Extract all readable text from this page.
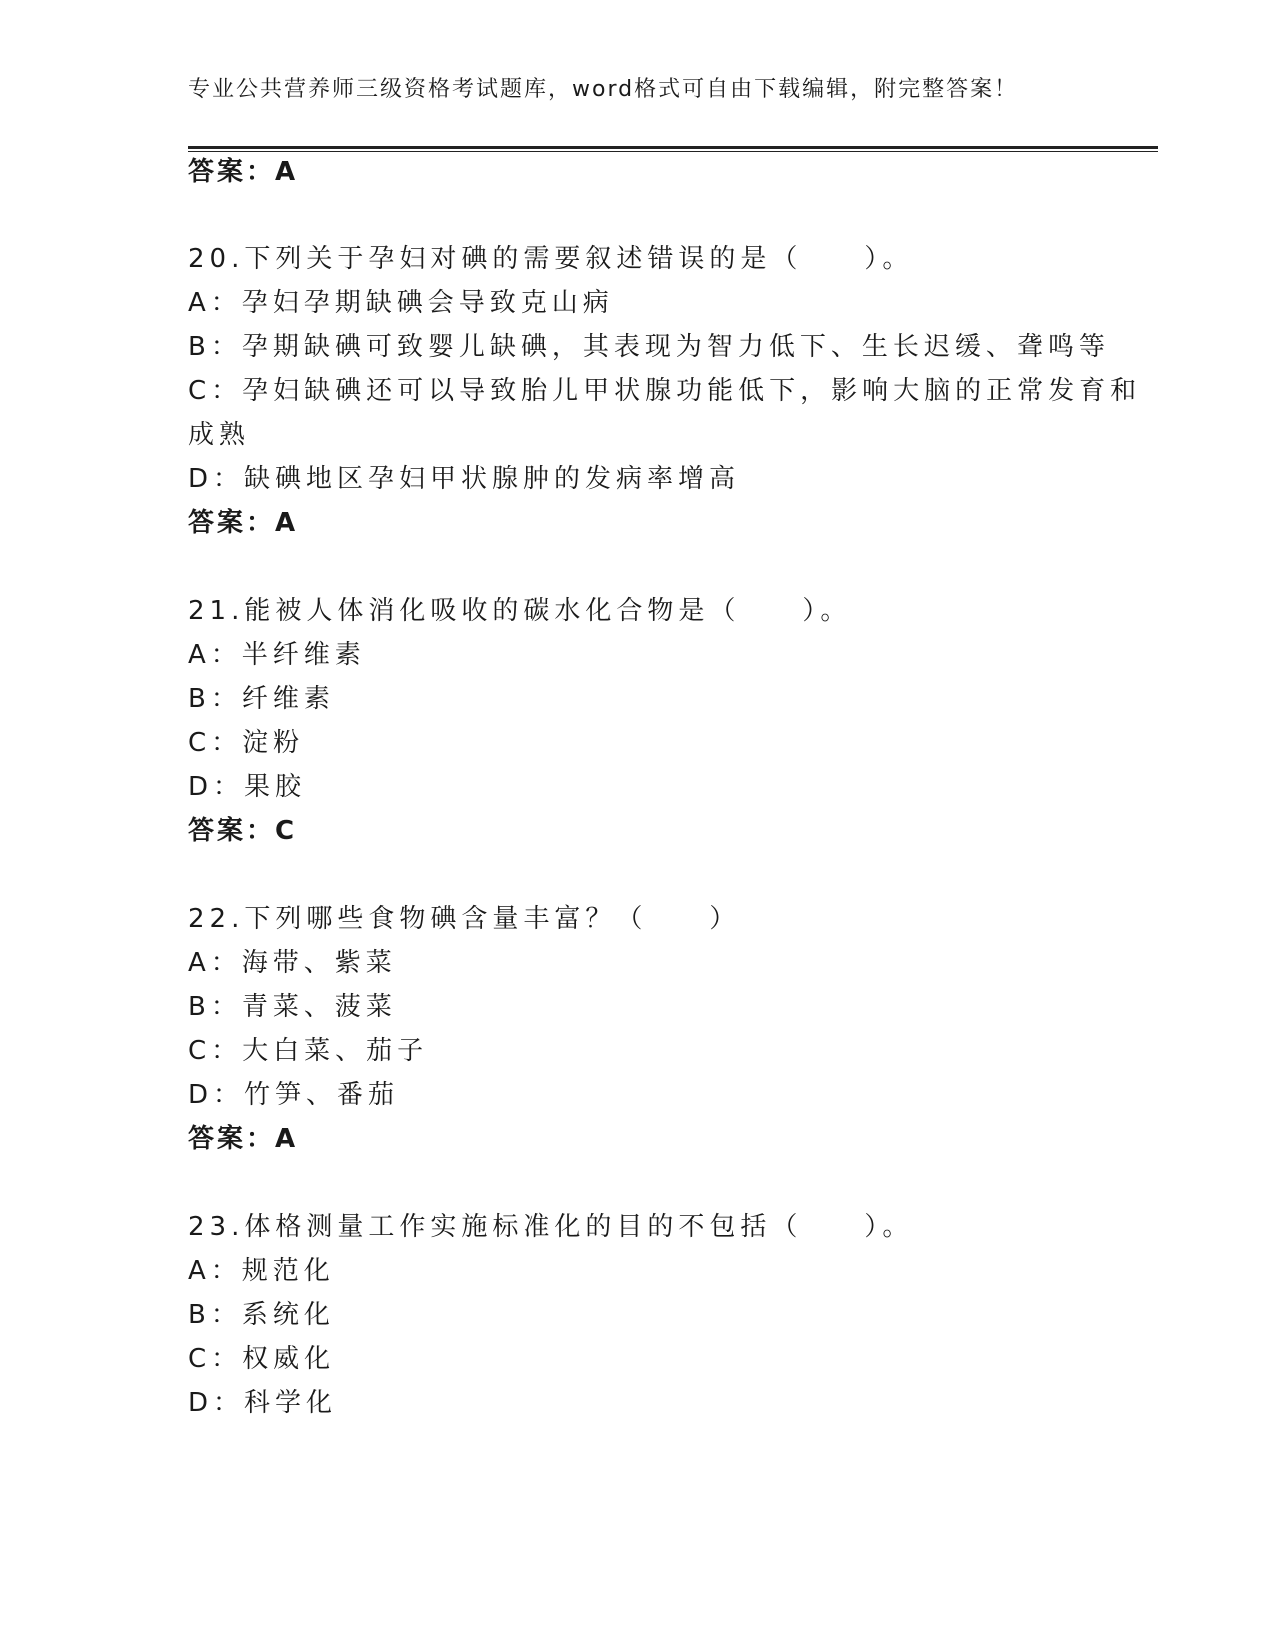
专业公共营养师三级资格考试题库，word格式可自由下载编辑，附完整答案！
答案：A
20.下列关于孕妇对碘的需要叙述错误的是（　　）。
A：孕妇孕期缺碘会导致克山病
B：孕期缺碘可致婴儿缺碘，其表现为智力低下、生长迟缓、聋鸣等
C：孕妇缺碘还可以导致胎儿甲状腺功能低下，影响大脑的正常发育和
成熟
D：缺碘地区孕妇甲状腺肿的发病率增高
答案：A
21.能被人体消化吸收的碳水化合物是（　　）。
A：半纤维素
B：纤维素
C：淀粉
D：果胶
答案：C
22.下列哪些食物碘含量丰富？（　　）
A：海带、紫菜
B：青菜、菠菜
C：大白菜、茄子
D：竹笋、番茄
答案：A
23.体格测量工作实施标准化的目的不包括（　　）。
A：规范化
B：系统化
C：权威化
D：科学化
